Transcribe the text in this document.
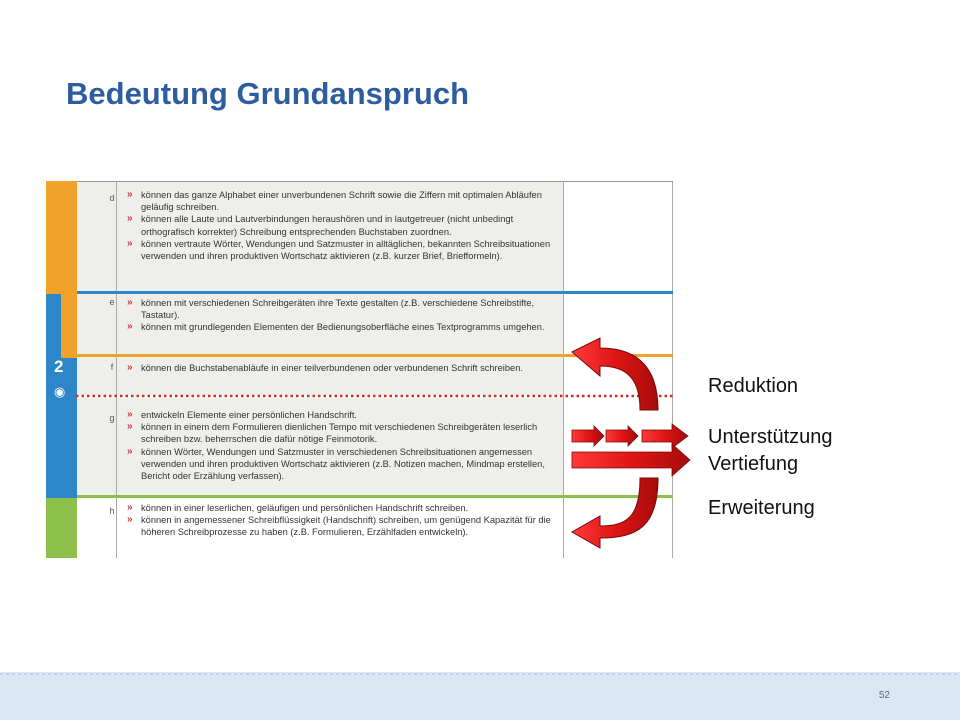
Bedeutung Grundanspruch
2
◉
d	» können das ganze Alphabet einer unverbundenen Schrift sowie die Ziffern mit optimalen Abläufen geläufig schreiben.
» können alle Laute und Lautverbindungen heraushören und in lautgetreuer (nicht unbedingt orthografisch korrekter) Schreibung entsprechenden Buchstaben zuordnen.
» können vertraute Wörter, Wendungen und Satzmuster in alltäglichen, bekannten Schreibsituationen verwenden und ihren produktiven Wortschatz aktivieren (z.B. kurzer Brief, Briefformeln).
e	» können mit verschiedenen Schreibgeräten ihre Texte gestalten (z.B. verschiedene Schreibstifte, Tastatur).
» können mit grundlegenden Elementen der Bedienungsoberfläche eines Textprogramms umgehen.
f	» können die Buchstabenabläufe in einer teilverbundenen oder verbundenen Schrift schreiben.
g	» entwickeln Elemente einer persönlichen Handschrift.
» können in einem dem Formulieren dienlichen Tempo mit verschiedenen Schreibgeräten leserlich schreiben bzw. beherrschen die dafür nötige Feinmotorik.
» können Wörter, Wendungen und Satzmuster in verschiedenen Schreibsituationen angemessen verwenden und ihren produktiven Wortschatz aktivieren (z.B. Notizen machen, Mindmap erstellen, Bericht oder Erzählung verfassen).
h	» können in einer leserlichen, geläufigen und persönlichen Handschrift schreiben.
» können in angemessener Schreibflüssigkeit (Handschrift) schreiben, um genügend Kapazität für die höheren Schreibprozesse zu haben (z.B. Formulieren, Erzählfaden entwickeln).
Reduktion
Unterstützung
Vertiefung
Erweiterung
52
